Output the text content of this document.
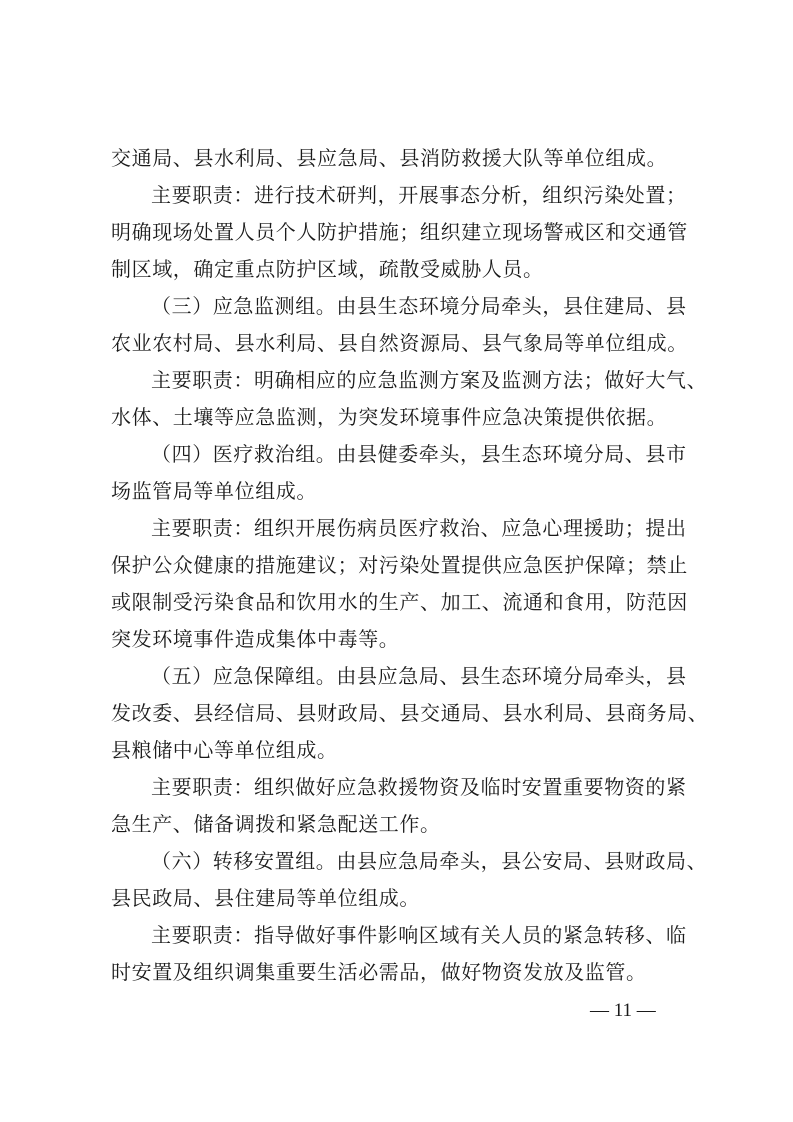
交通局、县水利局、县应急局、县消防救援大队等单位组成。
主要职责：进行技术研判，开展事态分析，组织污染处置；
明确现场处置人员个人防护措施；组织建立现场警戒区和交通管
制区域，确定重点防护区域，疏散受威胁人员。
（三）应急监测组。由县生态环境分局牵头，县住建局、县
农业农村局、县水利局、县自然资源局、县气象局等单位组成。
主要职责：明确相应的应急监测方案及监测方法；做好大气、
水体、土壤等应急监测，为突发环境事件应急决策提供依据。
（四）医疗救治组。由县健委牵头，县生态环境分局、县市
场监管局等单位组成。
主要职责：组织开展伤病员医疗救治、应急心理援助；提出
保护公众健康的措施建议；对污染处置提供应急医护保障；禁止
或限制受污染食品和饮用水的生产、加工、流通和食用，防范因
突发环境事件造成集体中毒等。
（五）应急保障组。由县应急局、县生态环境分局牵头，县
发改委、县经信局、县财政局、县交通局、县水利局、县商务局、
县粮储中心等单位组成。
主要职责：组织做好应急救援物资及临时安置重要物资的紧
急生产、储备调拨和紧急配送工作。
（六）转移安置组。由县应急局牵头，县公安局、县财政局、
县民政局、县住建局等单位组成。
主要职责：指导做好事件影响区域有关人员的紧急转移、临
时安置及组织调集重要生活必需品，做好物资发放及监管。
— 11 —
